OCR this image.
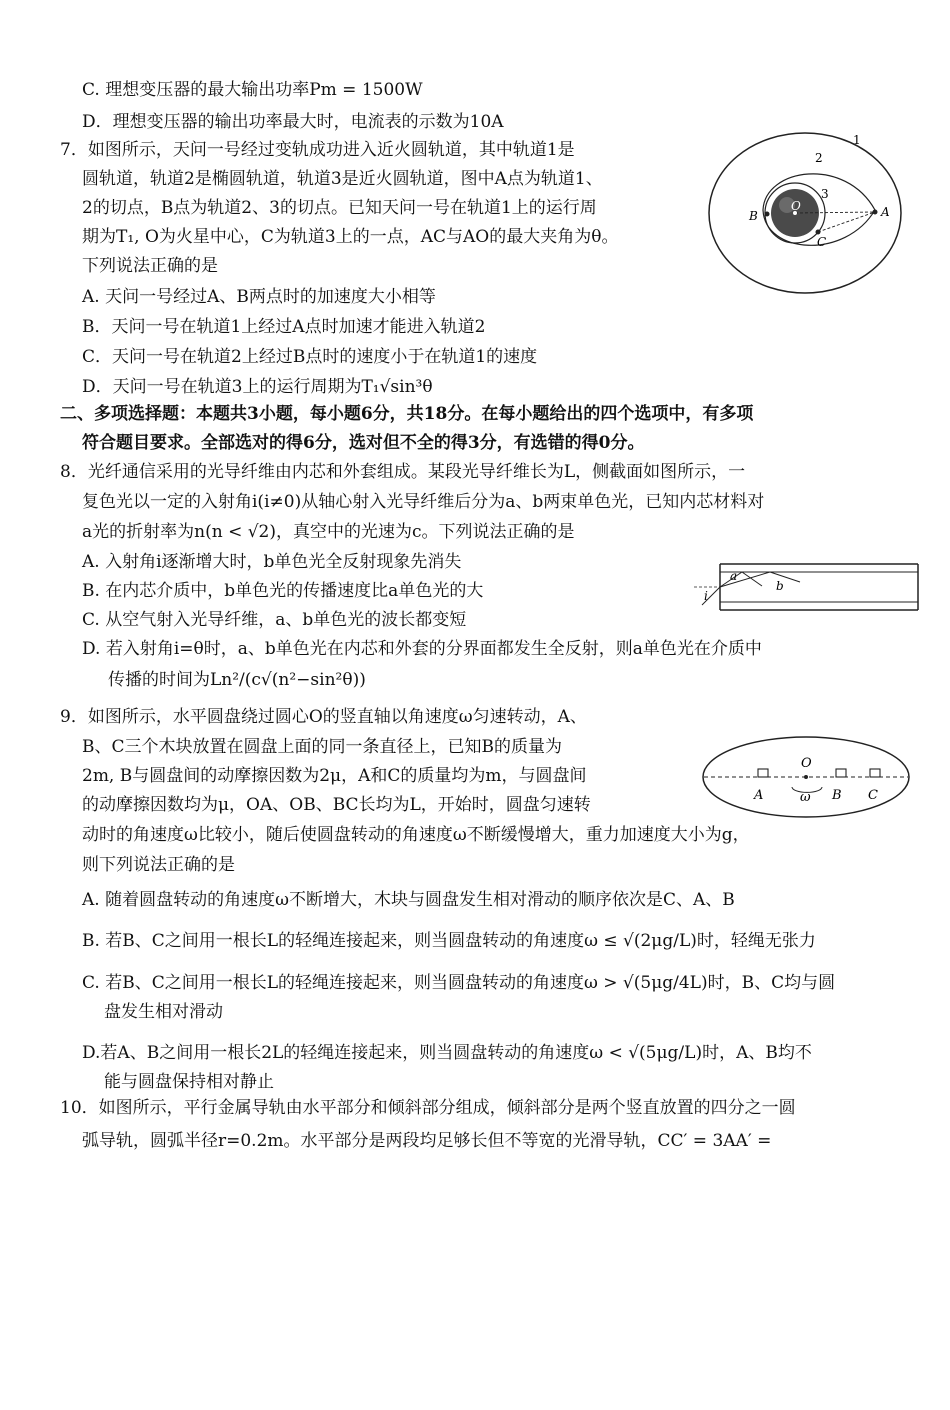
C. 理想变压器的最大输出功率Pm = 1500W
D．理想变压器的输出功率最大时，电流表的示数为10A
7．如图所示，天问一号经过变轨成功进入近火圆轨道，其中轨道1是
圆轨道，轨道2是椭圆轨道，轨道3是近火圆轨道，图中A点为轨道1、
2的切点，B点为轨道2、3的切点。已知天问一号在轨道1上的运行周
期为T₁, O为火星中心，C为轨道3上的一点，AC与AO的最大夹角为θ。
下列说法正确的是
A. 天问一号经过A、B两点时的加速度大小相等
B．天问一号在轨道1上经过A点时加速才能进入轨道2
C．天问一号在轨道2上经过B点时的速度小于在轨道1的速度
D．天问一号在轨道3上的运行周期为T₁√sin³θ
二、多项选择题：本题共3小题，每小题6分，共18分。在每小题给出的四个选项中，有多项
符合题目要求。全部选对的得6分，选对但不全的得3分，有选错的得0分。
8．光纤通信采用的光导纤维由内芯和外套组成。某段光导纤维长为L，侧截面如图所示，一
复色光以一定的入射角i(i≠0)从轴心射入光导纤维后分为a、b两束单色光，已知内芯材料对
a光的折射率为n(n < √2)，真空中的光速为c。下列说法正确的是
A. 入射角i逐渐增大时，b单色光全反射现象先消失
B. 在内芯介质中，b单色光的传播速度比a单色光的大
C. 从空气射入光导纤维，a、b单色光的波长都变短
D. 若入射角i=θ时，a、b单色光在内芯和外套的分界面都发生全反射，则a单色光在介质中
传播的时间为Ln²/(c√(n²−sin²θ))
9．如图所示，水平圆盘绕过圆心O的竖直轴以角速度ω匀速转动，A、
B、C三个木块放置在圆盘上面的同一条直径上，已知B的质量为
2m, B与圆盘间的动摩擦因数为2μ，A和C的质量均为m，与圆盘间
的动摩擦因数均为μ，OA、OB、BC长均为L，开始时，圆盘匀速转
动时的角速度ω比较小，随后使圆盘转动的角速度ω不断缓慢增大，重力加速度大小为g，
则下列说法正确的是
A. 随着圆盘转动的角速度ω不断增大，木块与圆盘发生相对滑动的顺序依次是C、A、B
B. 若B、C之间用一根长L的轻绳连接起来，则当圆盘转动的角速度ω ≤ √(2μg/L)时，轻绳无张力
C. 若B、C之间用一根长L的轻绳连接起来，则当圆盘转动的角速度ω > √(5μg/4L)时，B、C均与圆
盘发生相对滑动
D.若A、B之间用一根长2L的轻绳连接起来，则当圆盘转动的角速度ω < √(5μg/L)时，A、B均不
能与圆盘保持相对静止
10．如图所示，平行金属导轨由水平部分和倾斜部分组成，倾斜部分是两个竖直放置的四分之一圆
弧导轨，圆弧半径r=0.2m。水平部分是两段均足够长但不等宽的光滑导轨，CC′ = 3AA′ =
1
2
3
B
O	A
C
a
b
i
O
A	ω B C
